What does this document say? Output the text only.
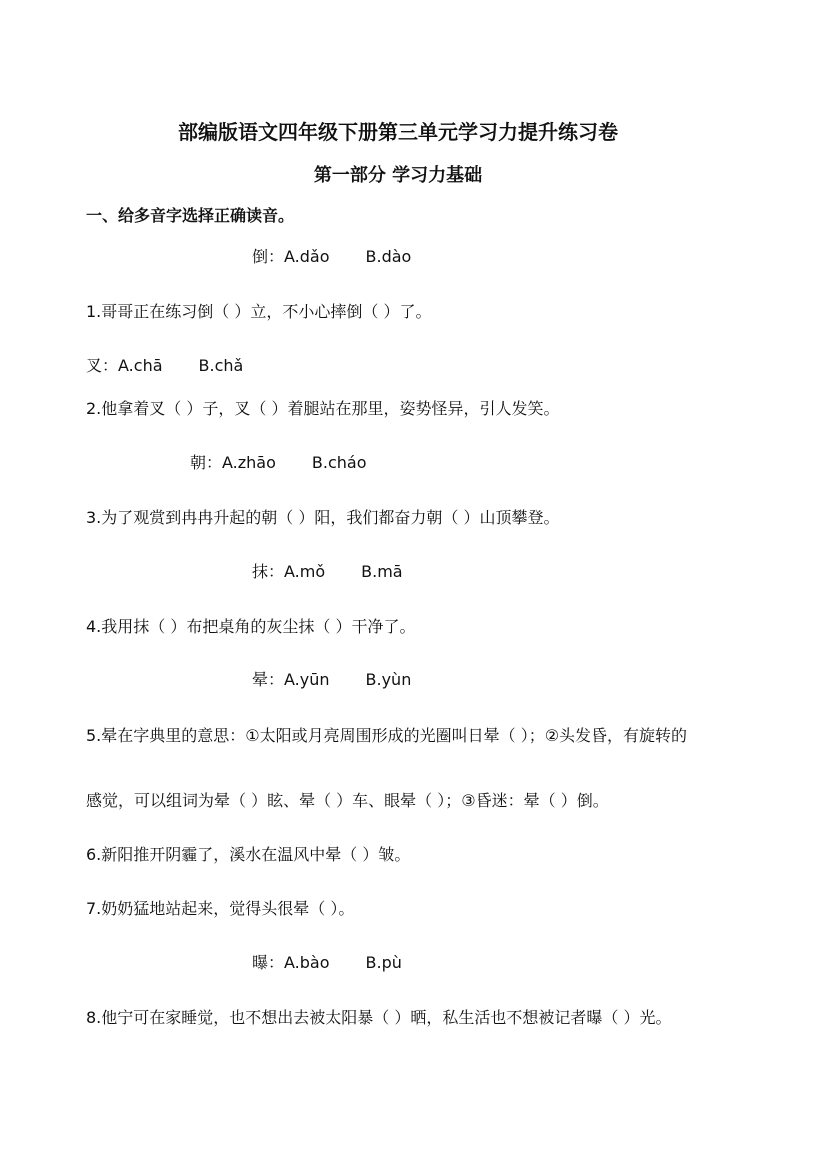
部编版语文四年级下册第三单元学习力提升练习卷
第一部分 学习力基础
一、给多音字选择正确读音。
倒：A.dǎo B.dào
1.哥哥正在练习倒（ ）立，不小心摔倒（ ）了。
叉：A.chā B.chǎ
2.他拿着叉（ ）子，叉（ ）着腿站在那里，姿势怪异，引人发笑。
朝：A.zhāo B.cháo
3.为了观赏到冉冉升起的朝（ ）阳，我们都奋力朝（ ）山顶攀登。
抹：A.mǒ B.mā
4.我用抹（ ）布把桌角的灰尘抹（ ）干净了。
晕：A.yūn B.yùn
5.晕在字典里的意思：①太阳或月亮周围形成的光圈叫日晕（ ）；②头发昏，有旋转的
感觉，可以组词为晕（ ）眩、晕（ ）车、眼晕（ ）；③昏迷：晕（ ）倒。
6.新阳推开阴霾了，溪水在温风中晕（ ）皱。
7.奶奶猛地站起来，觉得头很晕（ ）。
曝：A.bào B.pù
8.他宁可在家睡觉，也不想出去被太阳暴（ ）晒，私生活也不想被记者曝（ ）光。
